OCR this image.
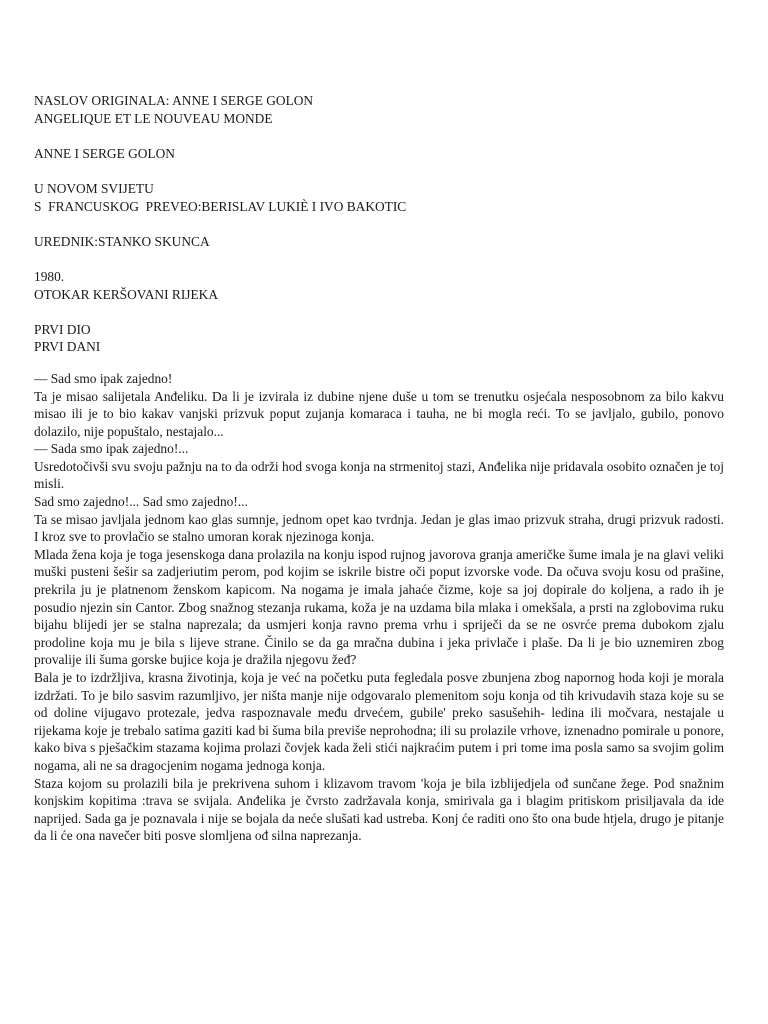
NASLOV ORIGINALA: ANNE I SERGE GOLON

ANGELIQUE ET LE NOUVEAU MONDE

ANNE I SERGE GOLON

U NOVOM SVIJETU

S  FRANCUSKOG  PREVEO:BERISLAV LUKIÈ I IVO BAKOTIC

UREDNIK:STANKO SKUNCA

1980.

OTOKAR KERŠOVANI RIJEKA

PRVI DIO

PRVI DANI

— Sad smo ipak zajedno!

Ta je misao salijetala Anđeliku. Da li je izvirala iz dubine njene duše u tom se trenutku osjećala nesposobnom za bilo kakvu misao ili je to bio kakav vanjski prizvuk poput zujanja komaraca i tauha, ne bi mogla reći. To se javljalo, gubilo, ponovo dolazilo, nije popuštalo, nestajalo...

— Sada smo ipak zajedno!...

Usredotočivši svu svoju pažnju na to da održi hod svoga konja na strmenitoj stazi, Anđelika nije pridavala osobito označen je toj misli.

Sad smo zajedno!... Sad smo zajedno!...

Ta se misao javljala jednom kao glas sumnje, jednom opet kao tvrdnja. Jedan je glas imao prizvuk straha, drugi prizvuk radosti. I kroz sve to provlačio se stalno umoran korak njezinoga konja.

Mlada žena koja je toga jesenskoga dana prolazila na konju ispod rujnog javorova granja američke šume imala je na glavi veliki muški pusteni šešir sa zadjeriutim perom, pod kojim se iskrile bistre oči poput izvorske vode. Da očuva svoju kosu od prašine, prekrila ju je platnenom ženskom kapicom. Na nogama je imala jahaće čizme, koje sa joj dopirale do koljena, a rado ih je posudio njezin sin Cantor. Zbog snažnog stezanja rukama, koža je na uzdama bila mlaka i omekšala, a prsti na zglobovima ruku bijahu blijedi jer se stalna naprezala; da usmjeri konja ravno prema vrhu i spriječi da se ne osvrće prema dubokom zjalu prodoline koja mu je bila s lijeve strane. Činilo se da ga mračna dubina i jeka privlače i plaše. Da li je bio uznemiren zbog provalije ili šuma gorske bujice koja je dražila njegovu žeđ?

Bala je to izdržljiva, krasna životinja, koja je već na početku puta fegledala posve zbunjena zbog napornog hoda koji je morala izdržati. To je bilo sasvim razumljivo, jer ništa manje nije odgovaralo plemenitom soju konja od tih krivudavih staza koje su se od doline vijugavo protezale, jedva raspoznavale među drvećem, gubile' preko sasušehih- ledina ili močvara, nestajale u rijekama koje je trebalo satima gaziti kad bi šuma bila previše neprohodna; ili su prolazile vrhove, iznenadno pomirale u ponore, kako biva s pješačkim stazama kojima prolazi čovjek kada želi stići najkraćim putem i pri tome ima posla samo sa svojim golim nogama, ali ne sa dragocjenim nogama jednoga konja.

Staza kojom su prolazili bila je prekrivena suhom i klizavom travom 'koja je bila izblijedjela ođ sunčane žege. Pod snažnim konjskim kopitima :trava se svijala. Anđelika je čvrsto zadržavala konja, smirivala ga i blagim pritiskom prisiljavala da ide naprijed. Sada ga je poznavala i nije se bojala da neće slušati kad ustreba. Konj će raditi ono što ona bude htjela, drugo je pitanje da li će ona navečer biti posve slomljena ođ silna naprezanja.
